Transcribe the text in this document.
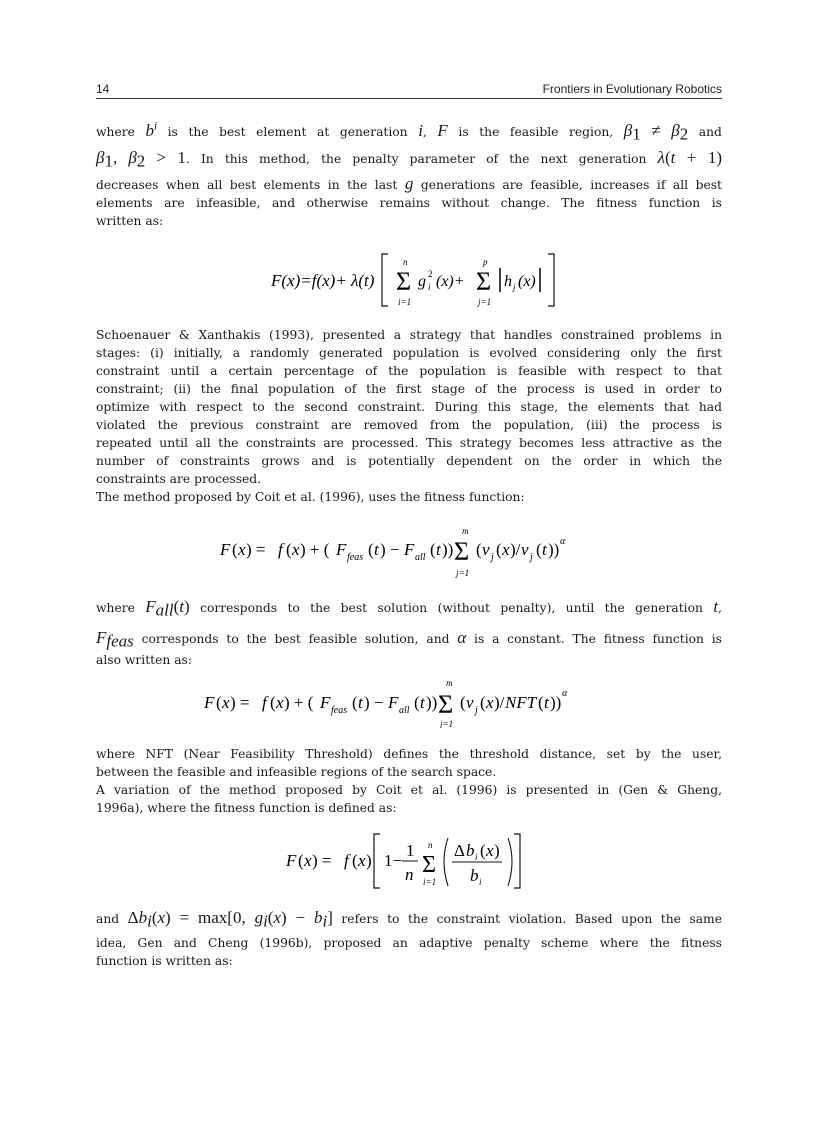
14	Frontiers in Evolutionary Robotics
where $b^i$ is the best element at generation i, F is the feasible region, $\beta_1 \ne \beta_2$ and
$\beta_1$, $\beta_2 > 1$. In this method, the penalty parameter of the next generation λ(t + 1)
decreases when all best elements in the last g generations are feasible, increases if all best
elements are infeasible, and otherwise remains without change. The fitness function is
written as:
F(x)=f(x)+ λ(t) Σ
n
i=1
g i
2 (x)+ Σ
p
j=1
h j (x)
Schoenauer & Xanthakis (1993), presented a strategy that handles constrained problems in
stages: (i) initially, a randomly generated population is evolved considering only the first
constraint until a certain percentage of the population is feasible with respect to that
constraint; (ii) the final population of the first stage of the process is used in order to
optimize with respect to the second constraint. During this stage, the elements that had
violated the previous constraint are removed from the population, (iii) the process is
repeated until all the constraints are processed. This strategy becomes less attractive as the
number of constraints grows and is potentially dependent on the order in which the
constraints are processed.
The method proposed by Coit et al. (1996), uses the fitness function:
F ( x ) = f ( x ) + ( F feas ( t ) − F all ( t )) Σ
m
j=1
( v j ( x )/ v j ( t )) α
where $F_{all}(t)$ corresponds to the best solution (without penalty), until the generation t,
$F_{feas}$ corresponds to the best feasible solution, and α is a constant. The fitness function is
also written as:
F ( x ) = f ( x ) + ( F feas ( t ) − F all ( t )) Σ
m
j=1
( v j ( x )/ NFT ( t )) α
where NFT (Near Feasibility Threshold) defines the threshold distance, set by the user,
between the feasible and infeasible regions of the search space.
A variation of the method proposed by Coit et al. (1996) is presented in (Gen & Gheng,
1996a), where the fitness function is defined as:
F ( x ) = f ( x ) 1−
1
n Σ
n
i=1
Δ b i ( x )
b i
and $\Delta b_i(x) = \max[0$, $g_i(x) - b_i$] refers to the constraint violation. Based upon the same
idea, Gen and Cheng (1996b), proposed an adaptive penalty scheme where the fitness
function is written as:
